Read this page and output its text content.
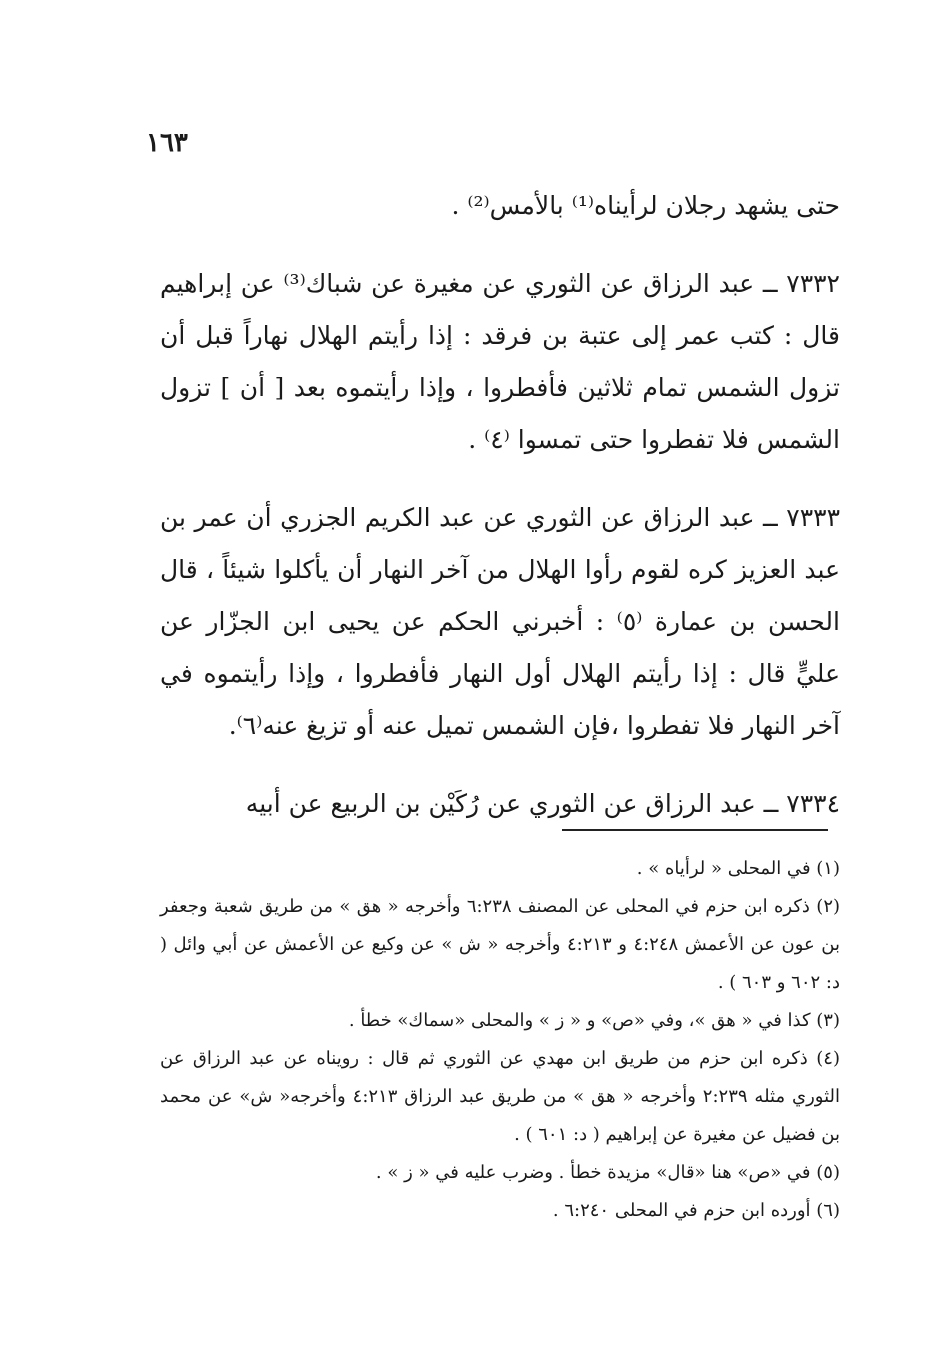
١٦٣

حتى يشهد رجلان لرأيناه⁽¹⁾ بالأمس⁽²⁾ .

٧٣٣٢ ــ عبد الرزاق عن الثوري عن مغيرة عن شباك⁽³⁾ عن إبراهيم قال : كتب عمر إلى عتبة بن فرقد : إذا رأيتم الهلال نهاراً قبل أن تزول الشمس تمام ثلاثين فأفطروا ، وإذا رأيتموه بعد [ أن ] تزول الشمس فلا تفطروا حتى تمسوا ⁽٤⁾ .

٧٣٣٣ ــ عبد الرزاق عن الثوري عن عبد الكريم الجزري أن عمر بن عبد العزيز كره لقوم رأوا الهلال من آخر النهار أن يأكلوا شيئاً ، قال الحسن بن عمارة ⁽٥⁾ : أخبرني الحكم عن يحيى ابن الجزّار عن عليٍّ قال : إذا رأيتم الهلال أول النهار فأفطروا ، وإذا رأيتموه في آخر النهار فلا تفطروا ،فإن الشمس تميل عنه أو تزيغ عنه⁽٦⁾.

٧٣٣٤ ــ عبد الرزاق عن الثوري عن رُكَيْن بن الربيع عن أبيه

(١) في المحلى « لرأياه » .

(٢) ذكره ابن حزم في المحلى عن المصنف ٦:٢٣٨ وأخرجه « هق » من طريق شعبة وجعفر بن عون عن الأعمش ٤:٢٤٨ و ٤:٢١٣ وأخرجه « ش » عن وكيع عن الأعمش عن أبي وائل ( د: ٦٠٢ و ٦٠٣ ) .

(٣) كذا في « هق »، وفي «ص» و « ز » والمحلى «سماك» خطأ .

(٤) ذكره ابن حزم من طريق ابن مهدي عن الثوري ثم قال : رويناه عن عبد الرزاق عن الثوري مثله ٢:٢٣٩ وأخرجه « هق » من طريق عبد الرزاق ٤:٢١٣ وأخرجه« ش» عن محمد بن فضيل عن مغيرة عن إبراهيم ( د: ٦٠١ ) .

(٥) في «ص» هنا «قال» مزيدة خطأ . وضرب عليه في « ز » .

(٦) أورده ابن حزم في المحلى ٦:٢٤٠ .
